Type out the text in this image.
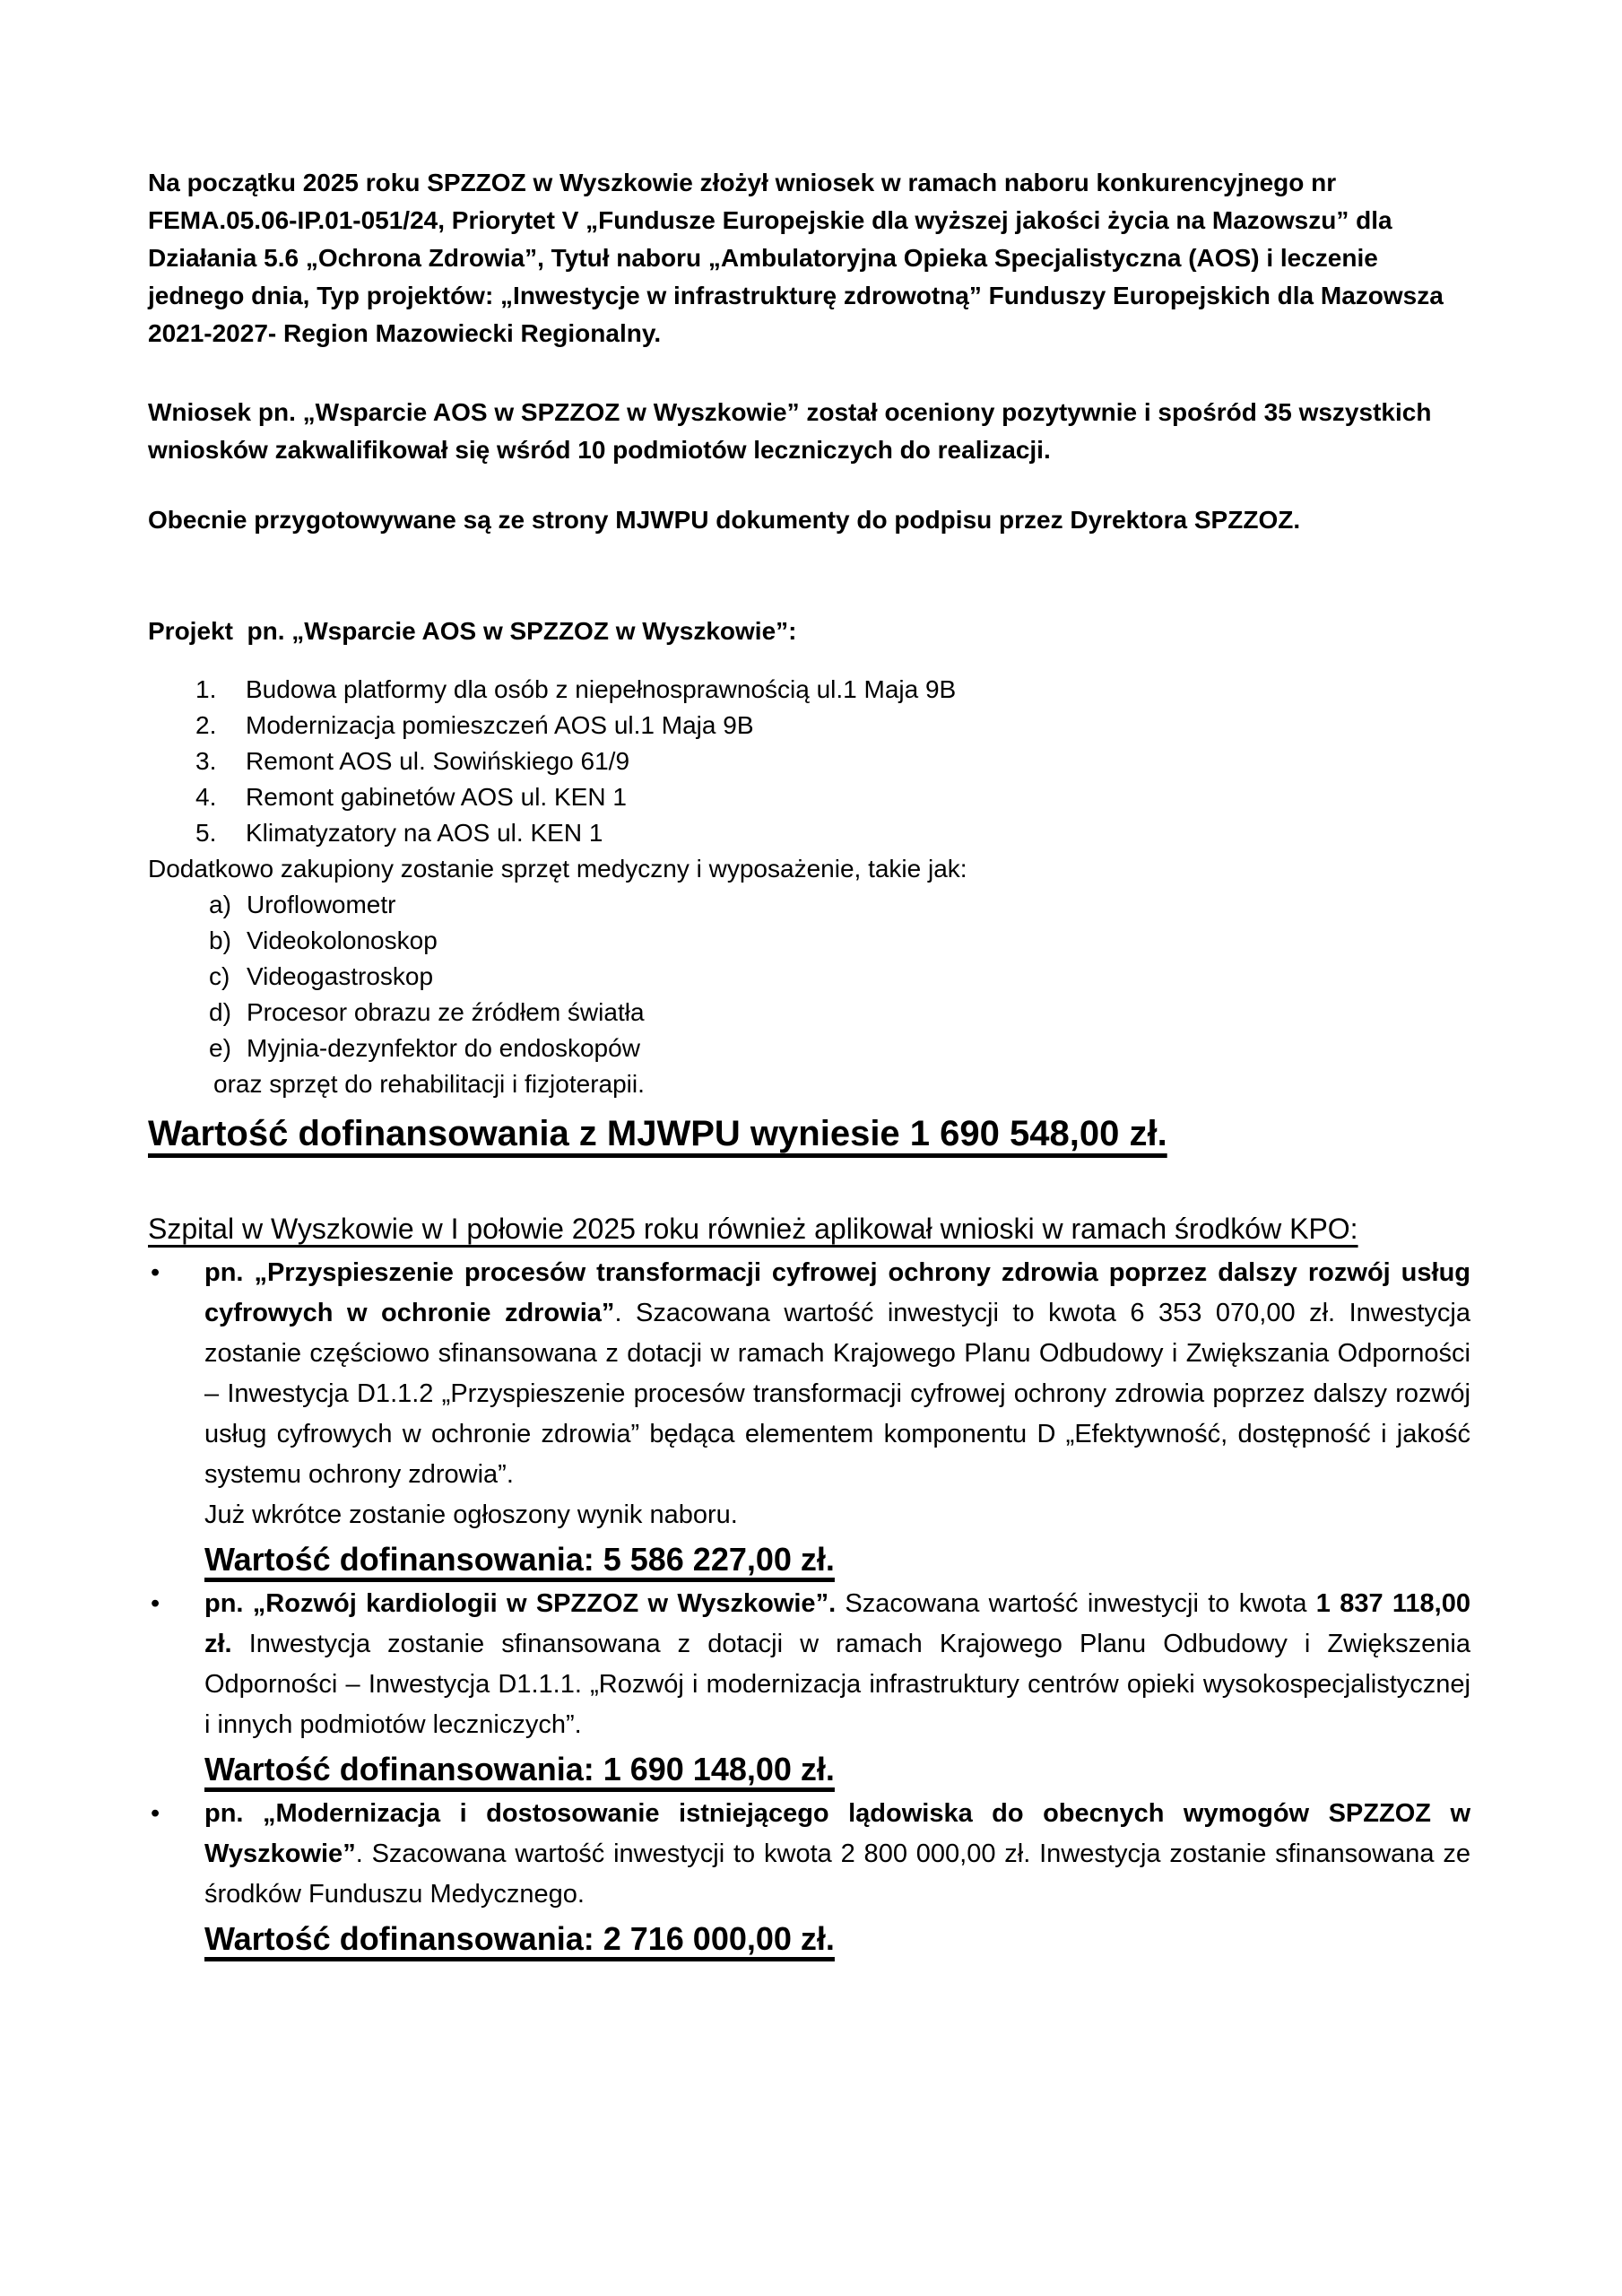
Na początku 2025 roku SPZZOZ w Wyszkowie złożył wniosek w ramach naboru konkurencyjnego nr FEMA.05.06-IP.01-051/24, Priorytet V „Fundusze Europejskie dla wyższej jakości życia na Mazowszu” dla Działania 5.6 „Ochrona Zdrowia”, Tytuł naboru „Ambulatoryjna Opieka Specjalistyczna (AOS) i leczenie jednego dnia, Typ projektów: „Inwestycje w infrastrukturę zdrowotną” Funduszy Europejskich dla Mazowsza 2021-2027- Region Mazowiecki Regionalny.

Wniosek pn. „Wsparcie AOS w SPZZOZ w Wyszkowie” został oceniony pozytywnie i spośród 35 wszystkich wniosków zakwalifikował się wśród 10 podmiotów leczniczych do realizacji.

Obecnie przygotowywane są ze strony MJWPU dokumenty do podpisu przez Dyrektora SPZZOZ.

Projekt  pn. „Wsparcie AOS w SPZZOZ w Wyszkowie”:

1. Budowa platformy dla osób z niepełnosprawnością ul.1 Maja 9B
2. Modernizacja pomieszczeń AOS ul.1 Maja 9B
3. Remont AOS ul. Sowińskiego 61/9
4. Remont gabinetów AOS ul. KEN 1
5. Klimatyzatory na AOS ul. KEN 1

Dodatkowo zakupiony zostanie sprzęt medyczny i wyposażenie, takie jak:

a) Uroflowometr
b) Videokolonoskop
c) Videogastroskop
d) Procesor obrazu ze źródłem światła
e) Myjnia-dezynfektor do endoskopów

oraz sprzęt do rehabilitacji i fizjoterapii.

Wartość dofinansowania z MJWPU wyniesie 1 690 548,00 zł.

Szpital w Wyszkowie w I połowie 2025 roku również aplikował wnioski w ramach środków KPO:

• pn. „Przyspieszenie procesów transformacji cyfrowej ochrony zdrowia poprzez dalszy rozwój usług cyfrowych w ochronie zdrowia”. Szacowana wartość inwestycji to kwota 6 353 070,00 zł. Inwestycja zostanie częściowo sfinansowana z dotacji w ramach Krajowego Planu Odbudowy i Zwiększania Odporności – Inwestycja D1.1.2 „Przyspieszenie procesów transformacji cyfrowej ochrony zdrowia poprzez dalszy rozwój usług cyfrowych w ochronie zdrowia” będąca elementem komponentu D „Efektywność, dostępność i jakość systemu ochrony zdrowia”.

Już wkrótce zostanie ogłoszony wynik naboru.

Wartość dofinansowania: 5 586 227,00 zł.

• pn. „Rozwój kardiologii w SPZZOZ w Wyszkowie”. Szacowana wartość inwestycji to kwota 1 837 118,00 zł. Inwestycja zostanie sfinansowana z dotacji w ramach Krajowego Planu Odbudowy i Zwiększenia Odporności – Inwestycja D1.1.1. „Rozwój i modernizacja infrastruktury centrów opieki wysokospecjalistycznej i innych podmiotów leczniczych”.

Wartość dofinansowania: 1 690 148,00 zł.

• pn. „Modernizacja i dostosowanie istniejącego lądowiska do obecnych wymogów SPZZOZ w Wyszkowie”. Szacowana wartość inwestycji to kwota 2 800 000,00 zł. Inwestycja zostanie sfinansowana ze środków Funduszu Medycznego.

Wartość dofinansowania: 2 716 000,00 zł.
